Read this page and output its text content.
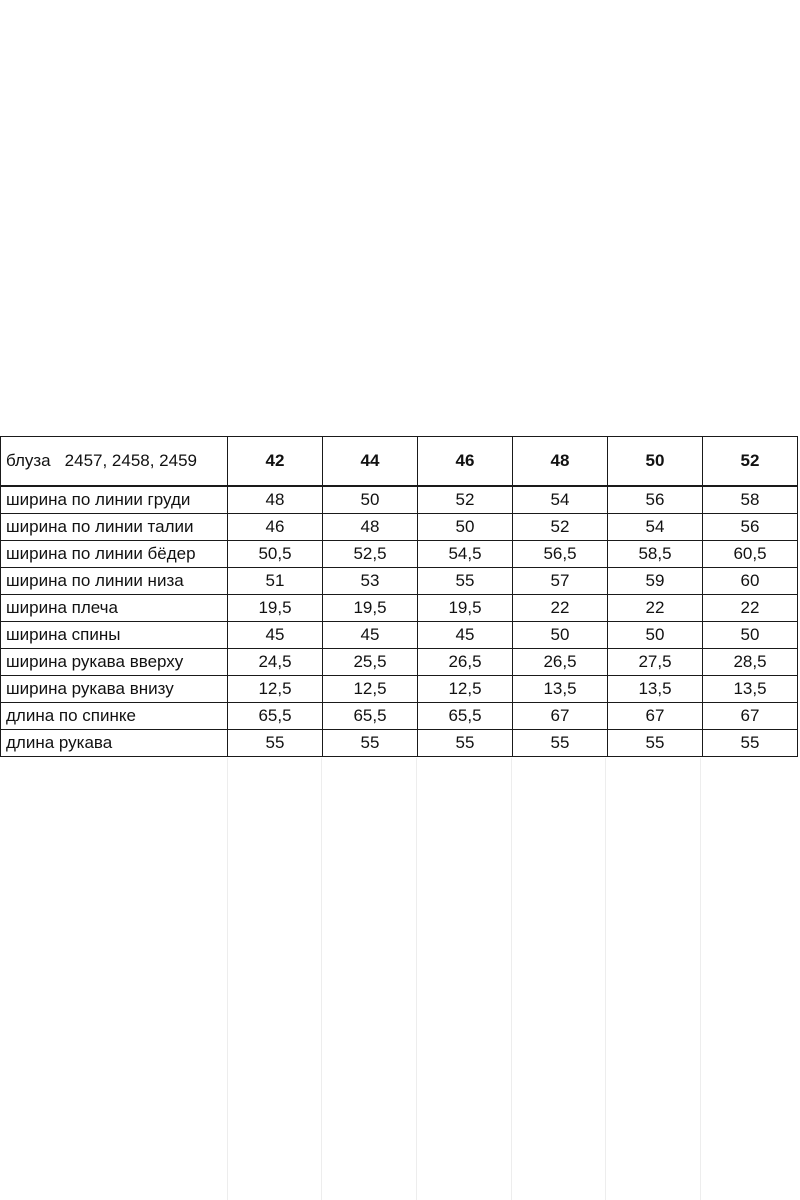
блуза 2457, 2458, 2459	42	44	46	48	50	52
ширина по линии груди	48	50	52	54	56	58
ширина по линии талии	46	48	50	52	54	56
ширина по линии бёдер	50,5	52,5	54,5	56,5	58,5	60,5
ширина по линии низа	51	53	55	57	59	60
ширина плеча	19,5	19,5	19,5	22	22	22
ширина спины	45	45	45	50	50	50
ширина рукава вверху	24,5	25,5	26,5	26,5	27,5	28,5
ширина рукава внизу	12,5	12,5	12,5	13,5	13,5	13,5
длина по спинке	65,5	65,5	65,5	67	67	67
длина рукава	55	55	55	55	55	55
